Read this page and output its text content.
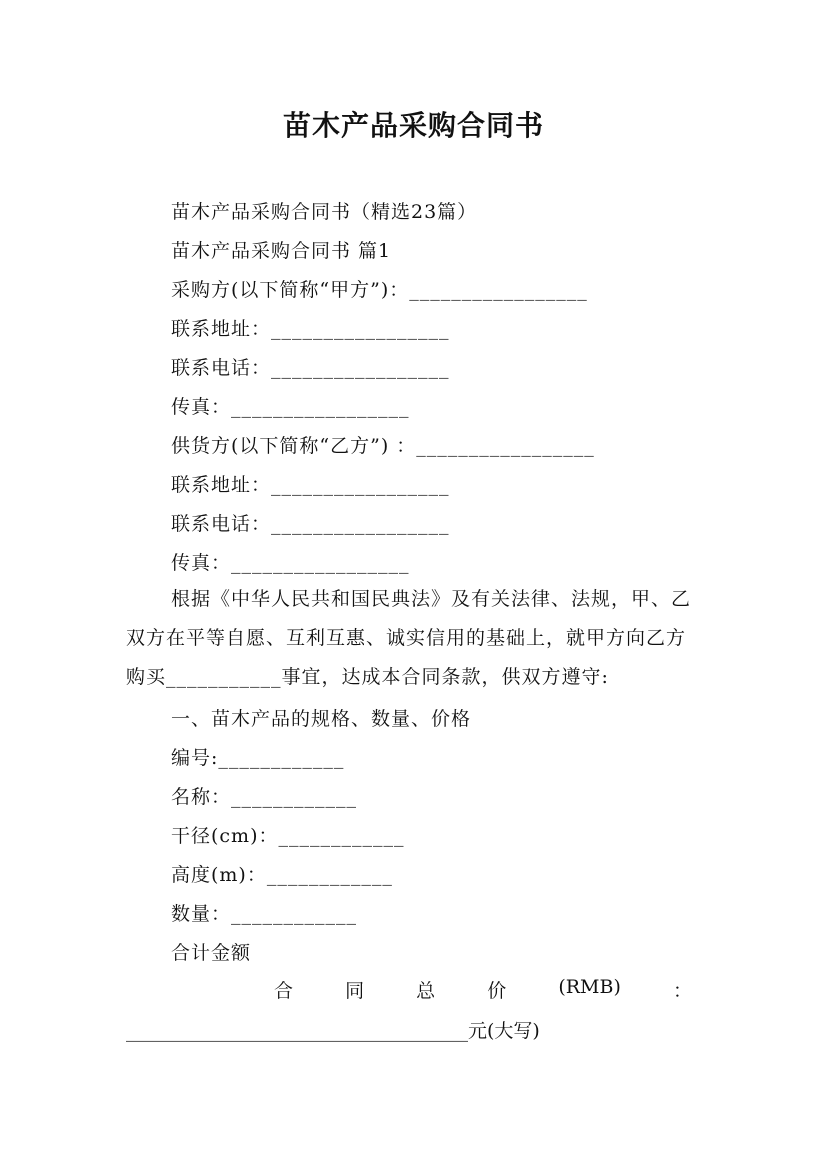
苗木产品采购合同书
苗木产品采购合同书（精选23篇）
苗木产品采购合同书 篇1
采购方(以下简称“甲方”)：_________________
联系地址：_________________
联系电话：_________________
传真：_________________
供货方(以下简称“乙方”) ：_________________
联系地址：_________________
联系电话：_________________
传真：_________________
根据《中华人民共和国民典法》及有关法律、法规，甲、乙双方在平等自愿、互利互惠、诚实信用的基础上，就甲方向乙方购买___________事宜，达成本合同条款，供双方遵守:
一、苗木产品的规格、数量、价格
编号:____________
名称：____________
干径(cm)：____________
高度(m)：____________
数量：____________
合计金额
合	同	总	价	(RMB)	：
____________________________________元(大写)
